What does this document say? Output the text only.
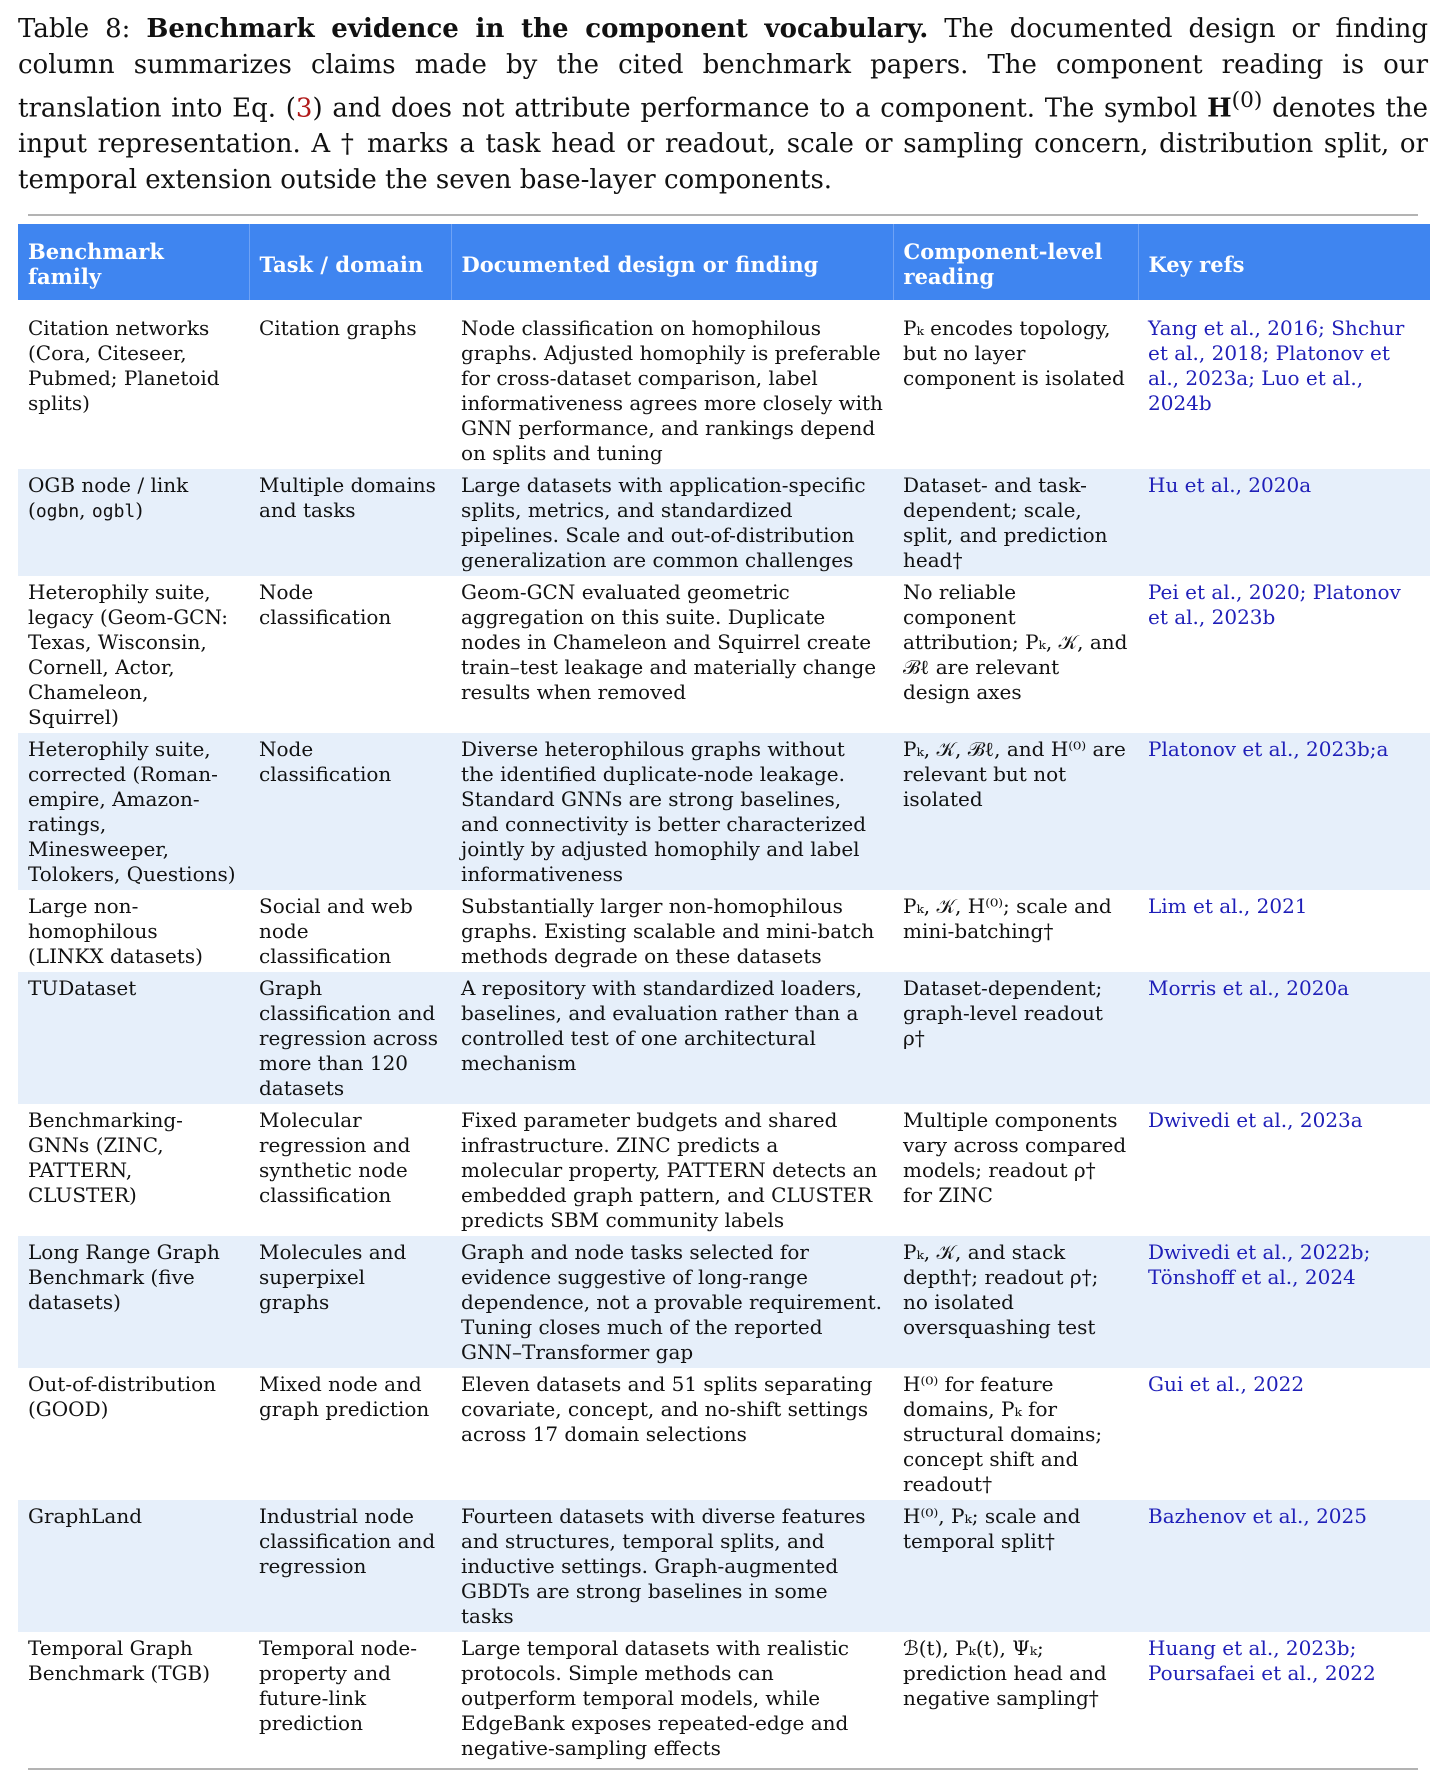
Table 8: Benchmark evidence in the component vocabulary. The documented design or finding column summarizes claims made by the cited benchmark papers. The component reading is our translation into Eq. (3) and does not attribute performance to a component. The symbol $H^{(0)}$ denotes the input representation. A † marks a task head or readout, scale or sampling concern, distribution split, or temporal extension outside the seven base-layer components.

Benchmark family	Task / domain	Documented design or finding	Component-level reading	Key refs
Citation networks (Cora, Citeseer, Pubmed; Planetoid splits)	Citation graphs	Node classification on homophilous graphs. Adjusted homophily is preferable for cross-dataset comparison, label informativeness agrees more closely with GNN performance, and rankings depend on splits and tuning	Pₖ encodes topology, but no layer component is isolated	Yang et al., 2016; Shchur et al., 2018; Platonov et al., 2023a; Luo et al., 2024b
OGB node / link (ogbn, ogbl)	Multiple domains and tasks	Large datasets with application-specific splits, metrics, and standardized pipelines. Scale and out-of-distribution generalization are common challenges	Dataset- and task-dependent; scale, split, and prediction head†	Hu et al., 2020a
Heterophily suite, legacy (Geom-GCN: Texas, Wisconsin, Cornell, Actor, Chameleon, Squirrel)	Node classification	Geom-GCN evaluated geometric aggregation on this suite. Duplicate nodes in Chameleon and Squirrel create train–test leakage and materially change results when removed	No reliable component attribution; Pₖ, 𝒦, and ℬℓ are relevant design axes	Pei et al., 2020; Platonov et al., 2023b
Heterophily suite, corrected (Roman-empire, Amazon-ratings, Minesweeper, Tolokers, Questions)	Node classification	Diverse heterophilous graphs without the identified duplicate-node leakage. Standard GNNs are strong baselines, and connectivity is better characterized jointly by adjusted homophily and label informativeness	Pₖ, 𝒦, ℬℓ, and H⁽⁰⁾ are relevant but not isolated	Platonov et al., 2023b;a
Large non-homophilous (LINKX datasets)	Social and web node classification	Substantially larger non-homophilous graphs. Existing scalable and mini-batch methods degrade on these datasets	Pₖ, 𝒦, H⁽⁰⁾; scale and mini-batching†	Lim et al., 2021
TUDataset	Graph classification and regression across more than 120 datasets	A repository with standardized loaders, baselines, and evaluation rather than a controlled test of one architectural mechanism	Dataset-dependent; graph-level readout ρ†	Morris et al., 2020a
Benchmarking-GNNs (ZINC, PATTERN, CLUSTER)	Molecular regression and synthetic node classification	Fixed parameter budgets and shared infrastructure. ZINC predicts a molecular property, PATTERN detects an embedded graph pattern, and CLUSTER predicts SBM community labels	Multiple components vary across compared models; readout ρ† for ZINC	Dwivedi et al., 2023a
Long Range Graph Benchmark (five datasets)	Molecules and superpixel graphs	Graph and node tasks selected for evidence suggestive of long-range dependence, not a provable requirement. Tuning closes much of the reported GNN–Transformer gap	Pₖ, 𝒦, and stack depth†; readout ρ†; no isolated oversquashing test	Dwivedi et al., 2022b; Tönshoff et al., 2024
Out-of-distribution (GOOD)	Mixed node and graph prediction	Eleven datasets and 51 splits separating covariate, concept, and no-shift settings across 17 domain selections	H⁽⁰⁾ for feature domains, Pₖ for structural domains; concept shift and readout†	Gui et al., 2022
GraphLand	Industrial node classification and regression	Fourteen datasets with diverse features and structures, temporal splits, and inductive settings. Graph-augmented GBDTs are strong baselines in some tasks	H⁽⁰⁾, Pₖ; scale and temporal split†	Bazhenov et al., 2025
Temporal Graph Benchmark (TGB)	Temporal node-property and future-link prediction	Large temporal datasets with realistic protocols. Simple methods can outperform temporal models, while EdgeBank exposes repeated-edge and negative-sampling effects	ℬ(t), Pₖ(t), Ψₖ; prediction head and negative sampling†	Huang et al., 2023b; Poursafaei et al., 2022
